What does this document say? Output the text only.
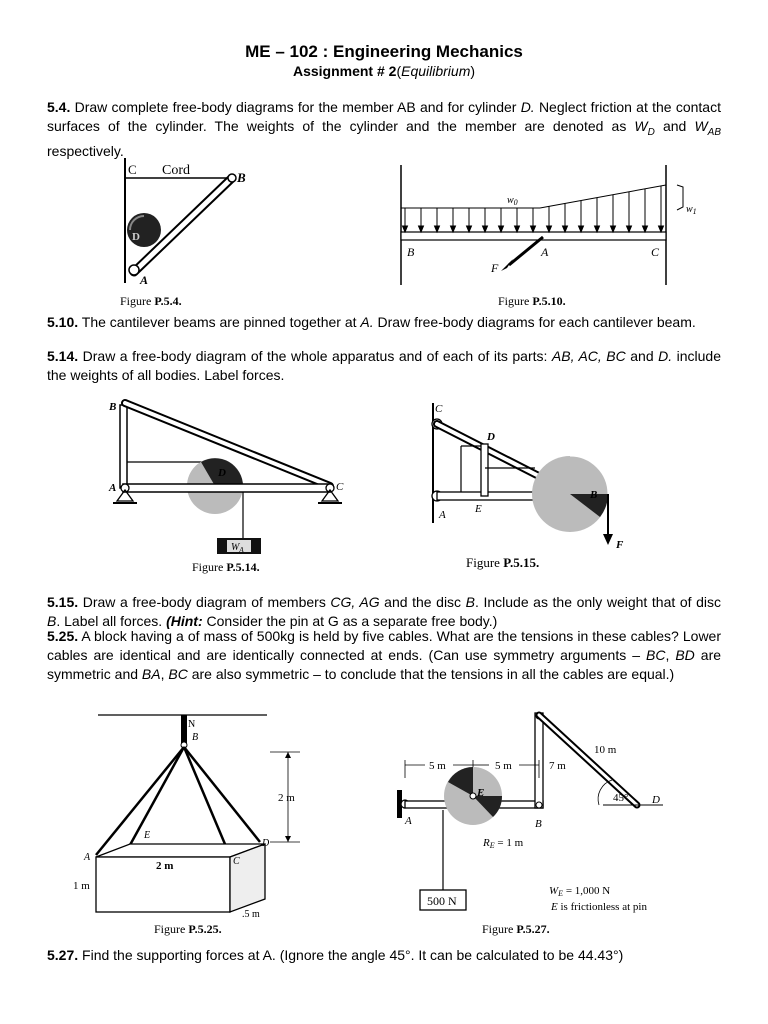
ME – 102 : Engineering Mechanics
Assignment # 2(Equilibrium)
5.4. Draw complete free-body diagrams for the member AB and for cylinder D. Neglect friction at the contact surfaces of the cylinder. The weights of the cylinder and the member are denoted as $W_D$ and $W_{AB}$ respectively.
C Cord	B
A
D
Figure P.5.4.
$w_0$
$w_1$
B	A	C
F
Figure P.5.10.
5.10. The cantilever beams are pinned together at A. Draw free-body diagrams for each cantilever beam.
5.14. Draw a free-body diagram of the whole apparatus and of each of its parts: AB, AC, BC and D. include the weights of all bodies. Label forces.
B
A	C
D
$W_A$
Figure P.5.14.
C
D
A	E
B
F
Figure P.5.15.
5.15. Draw a free-body diagram of members CG, AG and the disc B. Include as the only weight that of disc B. Label all forces. (Hint: Consider the pin at G as a separate free body.)
5.25. A block having a of mass of 500kg is held by five cables. What are the tensions in these cables? Lower cables are identical and are identically connected at ends. (Can use symmetry arguments – BC, BD are symmetric and BA, BC are also symmetric – to conclude that the tensions in all the cables are equal.)
N
B
2 m
E
D
A	C
2 m
1 m
.5 m
Figure P.5.25.
10 m
5 m	5 m	7 m
45° D
E
A	B
RE = 1 m
500 N
WE = 1,000 N
E is frictionless at pin
Figure P.5.27.
5.27. Find the supporting forces at A. (Ignore the angle 45°. It can be calculated to be 44.43°)
